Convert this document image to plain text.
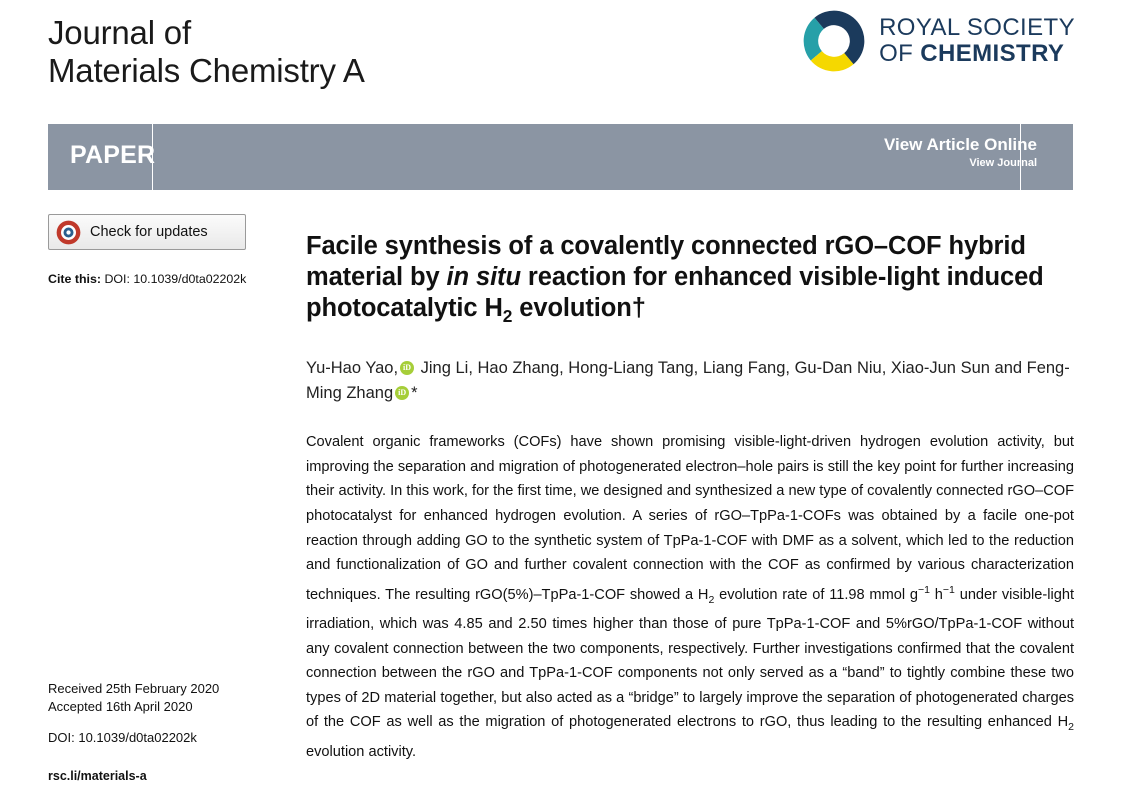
Journal of
Materials Chemistry A
ROYAL SOCIETY
OF CHEMISTRY
PAPER	View Article Online
View Journal
Check for updates
Cite this: DOI: 10.1039/d0ta02202k
Received 25th February 2020
Accepted 16th April 2020
DOI: 10.1039/d0ta02202k
rsc.li/materials-a
Facile synthesis of a covalently connected rGO–COF hybrid material by in situ reaction for enhanced visible-light induced photocatalytic $H_2$ evolution†
Yu-Hao Yao,iD Jing Li, Hao Zhang, Hong-Liang Tang, Liang Fang, Gu-Dan Niu, Xiao-Jun Sun and Feng-Ming Zhang iD *

Covalent organic frameworks (COFs) have shown promising visible-light-driven hydrogen evolution activity, but improving the separation and migration of photogenerated electron–hole pairs is still the key point for further increasing their activity. In this work, for the first time, we designed and synthesized a new type of covalently connected rGO–COF photocatalyst for enhanced hydrogen evolution. A series of rGO–TpPa-1-COFs was obtained by a facile one-pot reaction through adding GO to the synthetic system of TpPa-1-COF with DMF as a solvent, which led to the reduction and functionalization of GO and further covalent connection with the COF as confirmed by various characterization techniques. The resulting rGO(5%)–TpPa-1-COF showed a $H_2$ evolution rate of 11.98 mmol $g^{-1}$ $h^{-1}$ under visible-light irradiation, which was 4.85 and 2.50 times higher than those of pure TpPa-1-COF and 5%rGO/TpPa-1-COF without any covalent connection between the two components, respectively. Further investigations confirmed that the covalent connection between the rGO and TpPa-1-COF components not only served as a “band” to tightly combine these two types of 2D material together, but also acted as a “bridge” to largely improve the separation of photogenerated charges of the COF as well as the migration of photogenerated electrons to rGO, thus leading to the resulting enhanced $H_2$ evolution activity.
